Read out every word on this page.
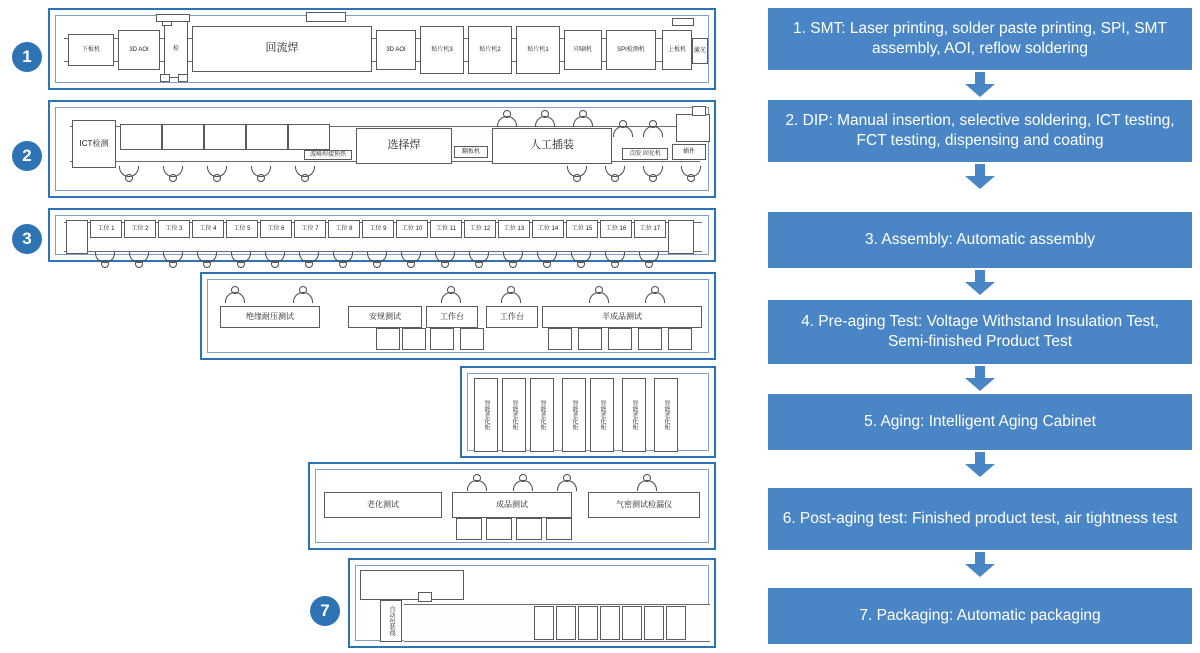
1	下板机	3D AOI	检	回流焊	3D AOI	贴片机3	贴片机2	贴片机1	印刷机	SPI检测机	上板机	激光
2
ICT检测
波峰焊接预热
选择焊
翻板机
人工插装
点胶 固化机	插件
3
工位 1	工位 2	工位 3	工位 4	工位 5	工位 6	工位 7	工位 8	工位 9	工位 10	工位 11	工位 12	工位 13	工位 14	工位 15	工位 16	工位 17
绝缘耐压测试	安规测试	工作台	工作台	半成品测试
智能老化柜	智能老化柜	智能老化柜	智能老化柜	智能老化柜	智能老化柜	智能老化柜
老化测试	成品测试	气密测试检漏仪
7	自动包装线
1. SMT: Laser printing, solder paste printing, SPI, SMT assembly, AOI, reflow soldering
2. DIP: Manual insertion, selective soldering, ICT testing, FCT testing, dispensing and coating
3. Assembly: Automatic assembly
4. Pre-aging Test: Voltage Withstand Insulation Test, Semi-finished Product Test
5. Aging: Intelligent Aging Cabinet
6. Post-aging test: Finished product test, air tightness test
7. Packaging: Automatic packaging
